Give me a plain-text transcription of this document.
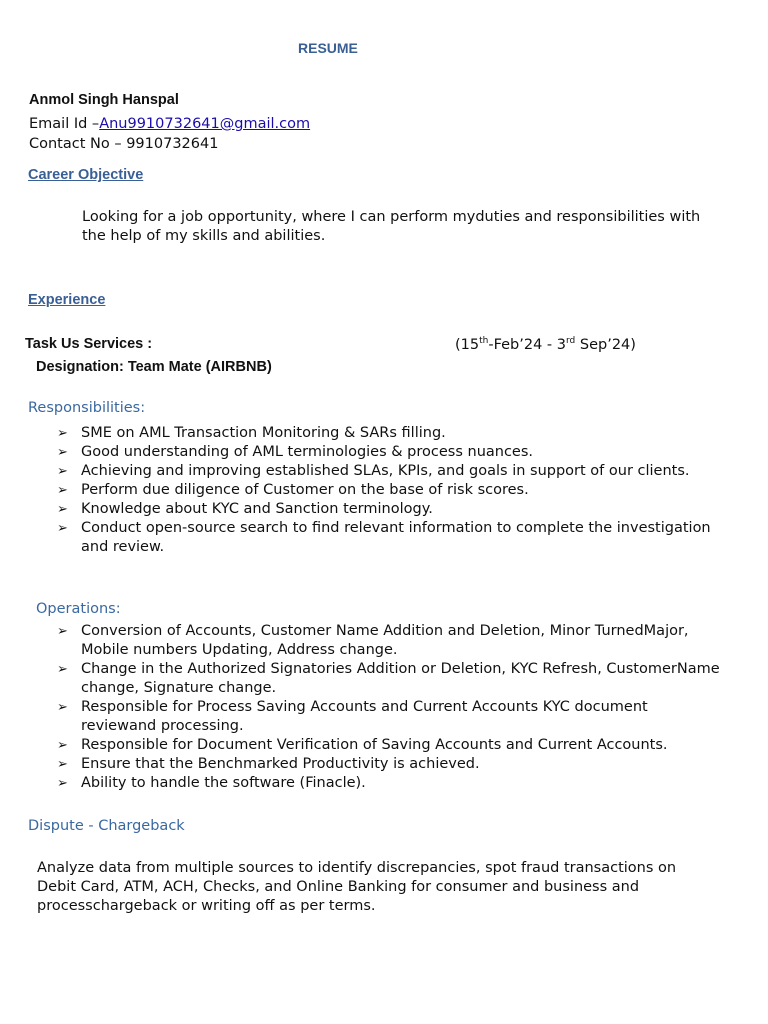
RESUME
Anmol Singh Hanspal
Email Id –Anu9910732641@gmail.com
Contact No – 9910732641
Career Objective
Looking for a job opportunity, where I can perform myduties and responsibilities with the help of my skills and abilities.
Experience
Task Us Services :	(15th-Feb’24 - 3rd Sep’24)
Designation: Team Mate (AIRBNB)
Responsibilities:
➢ SME on AML Transaction Monitoring & SARs filling.
➢ Good understanding of AML terminologies & process nuances.
➢ Achieving and improving established SLAs, KPIs, and goals in support of our clients.
➢ Perform due diligence of Customer on the base of risk scores.
➢ Knowledge about KYC and Sanction terminology.
➢ Conduct open-source search to find relevant information to complete the investigation and review.
Operations:
➢ Conversion of Accounts, Customer Name Addition and Deletion, Minor TurnedMajor, Mobile numbers Updating, Address change.
➢ Change in the Authorized Signatories Addition or Deletion, KYC Refresh, CustomerName change, Signature change.
➢ Responsible for Process Saving Accounts and Current Accounts KYC document reviewand processing.
➢ Responsible for Document Verification of Saving Accounts and Current Accounts.
➢ Ensure that the Benchmarked Productivity is achieved.
➢ Ability to handle the software (Finacle).
Dispute - Chargeback
Analyze data from multiple sources to identify discrepancies, spot fraud transactions on Debit Card, ATM, ACH, Checks, and Online Banking for consumer and business and processchargeback or writing off as per terms.
